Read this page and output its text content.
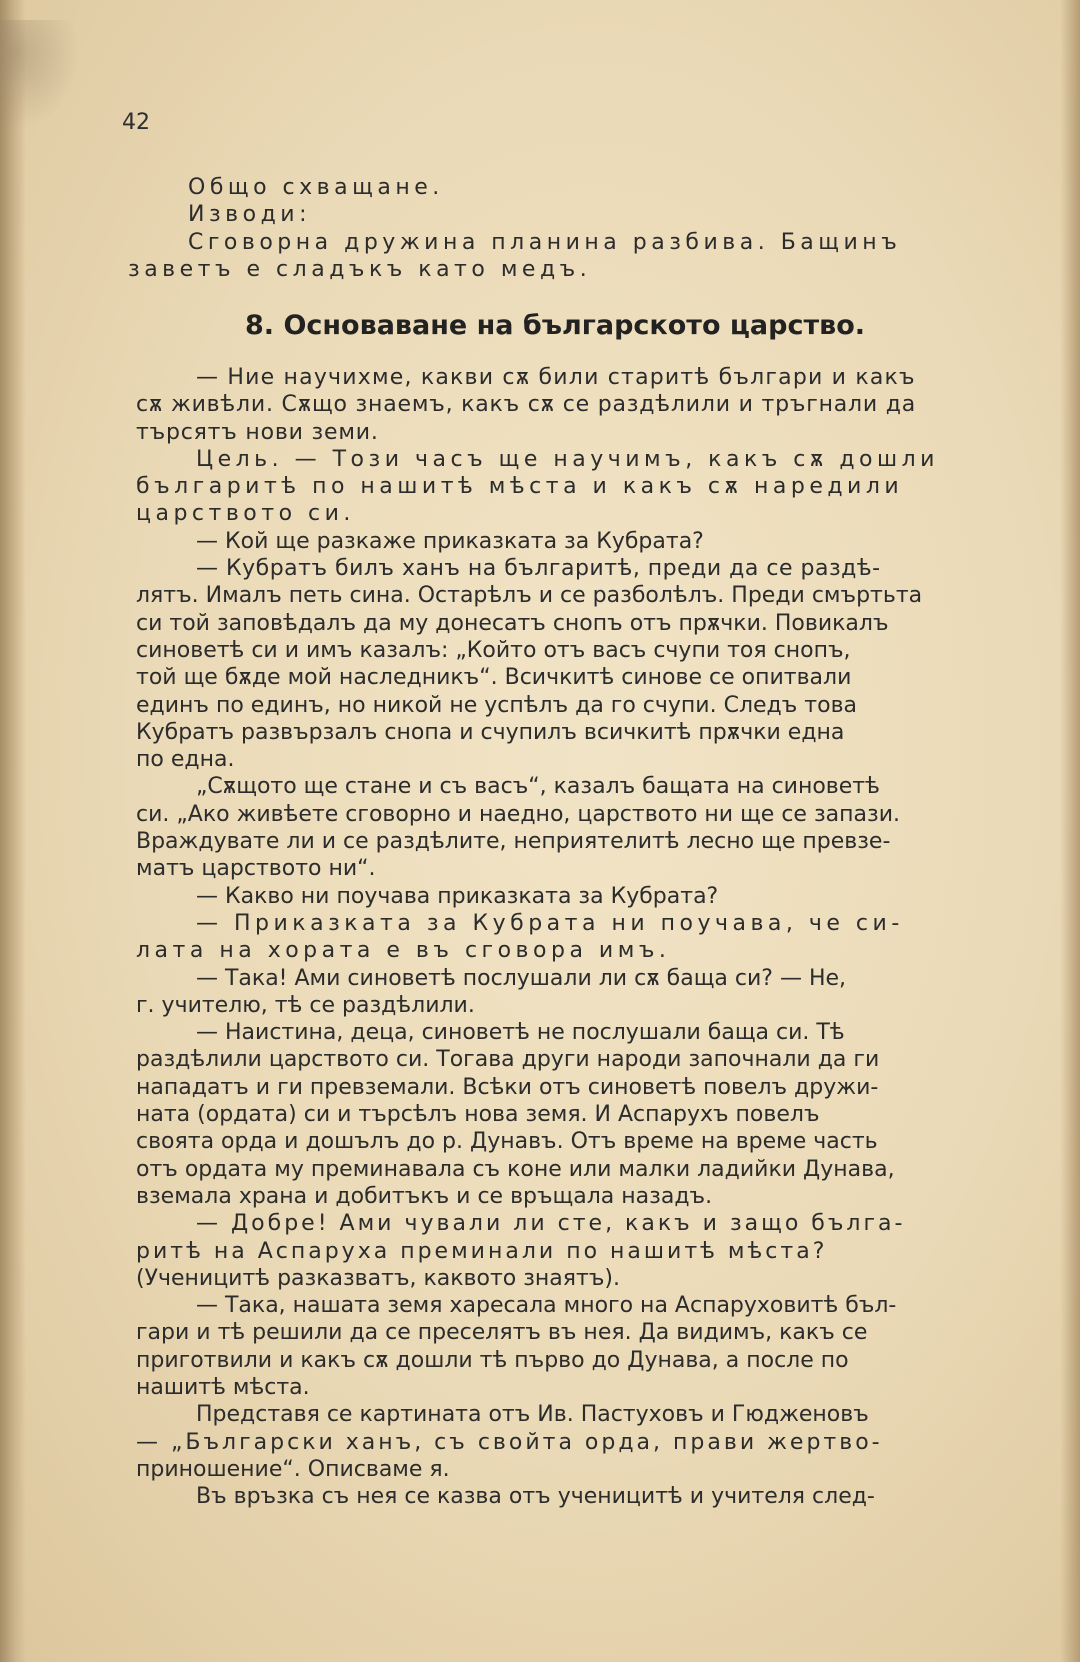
42
Общо схващане.
Изводи:
Сговорна дружина планина разбива. Бащинъ
заветъ е сладъкъ като медъ.
8. Основаване на българското царство.
— Ние научихме, какви сѫ били старитѣ българи и какъ
сѫ живѣли. Сѫщо знаемъ, какъ сѫ се раздѣлили и тръгнали да
търсятъ нови земи.
Цель. — Този часъ ще научимъ, какъ сѫ дошли
българитѣ по нашитѣ мѣста и какъ сѫ наредили
царството си.
— Кой ще разкаже приказката за Кубрата?
— Кубратъ билъ ханъ на българитѣ, преди да се раздѣ-
лятъ. Ималъ петь сина. Остарѣлъ и се разболѣлъ. Преди смъртьта
си той заповѣдалъ да му донесатъ снопъ отъ прѫчки. Повикалъ
синоветѣ си и имъ казалъ: „Който отъ васъ счупи тоя снопъ,
той ще бѫде мой наследникъ“. Всичкитѣ синове се опитвали
единъ по единъ, но никой не успѣлъ да го счупи. Следъ това
Кубратъ развързалъ снопа и счупилъ всичкитѣ прѫчки една
по една.
„Сѫщото ще стане и съ васъ“, казалъ бащата на синоветѣ
си. „Ако живѣете сговорно и наедно, царството ни ще се запази.
Враждувате ли и се раздѣлите, неприятелитѣ лесно ще превзе-
матъ царството ни“.
— Какво ни поучава приказката за Кубрата?
— Приказката за Кубрата ни поучава, че си-
лата на хората е въ сговора имъ.
— Така! Ами синоветѣ послушали ли сѫ баща си? — Не,
г. учителю, тѣ се раздѣлили.
— Наистина, деца, синоветѣ не послушали баща си. Тѣ
раздѣлили царството си. Тогава други народи започнали да ги
нападатъ и ги превземали. Всѣки отъ синоветѣ повелъ дружи-
ната (ордата) си и търсѣлъ нова земя. И Аспарухъ повелъ
своята орда и дошълъ до р. Дунавъ. Отъ време на време часть
отъ ордата му преминавала съ коне или малки ладийки Дунава,
вземала храна и добитъкъ и се връщала назадъ.
— Добре! Ами чували ли сте, какъ и защо бълга-
ритѣ на Аспаруха преминали по нашитѣ мѣста?
(Ученицитѣ разказватъ, каквото знаятъ).
— Така, нашата земя харесала много на Аспаруховитѣ бъл-
гари и тѣ решили да се преселятъ въ нея. Да видимъ, какъ се
приготвили и какъ сѫ дошли тѣ първо до Дунава, а после по
нашитѣ мѣста.
Представя се картината отъ Ив. Пастуховъ и Гюдженовъ
— „Български ханъ, съ свойта орда, прави жертво-
приношение“. Описваме я.
Въ връзка съ нея се казва отъ ученицитѣ и учителя след-
